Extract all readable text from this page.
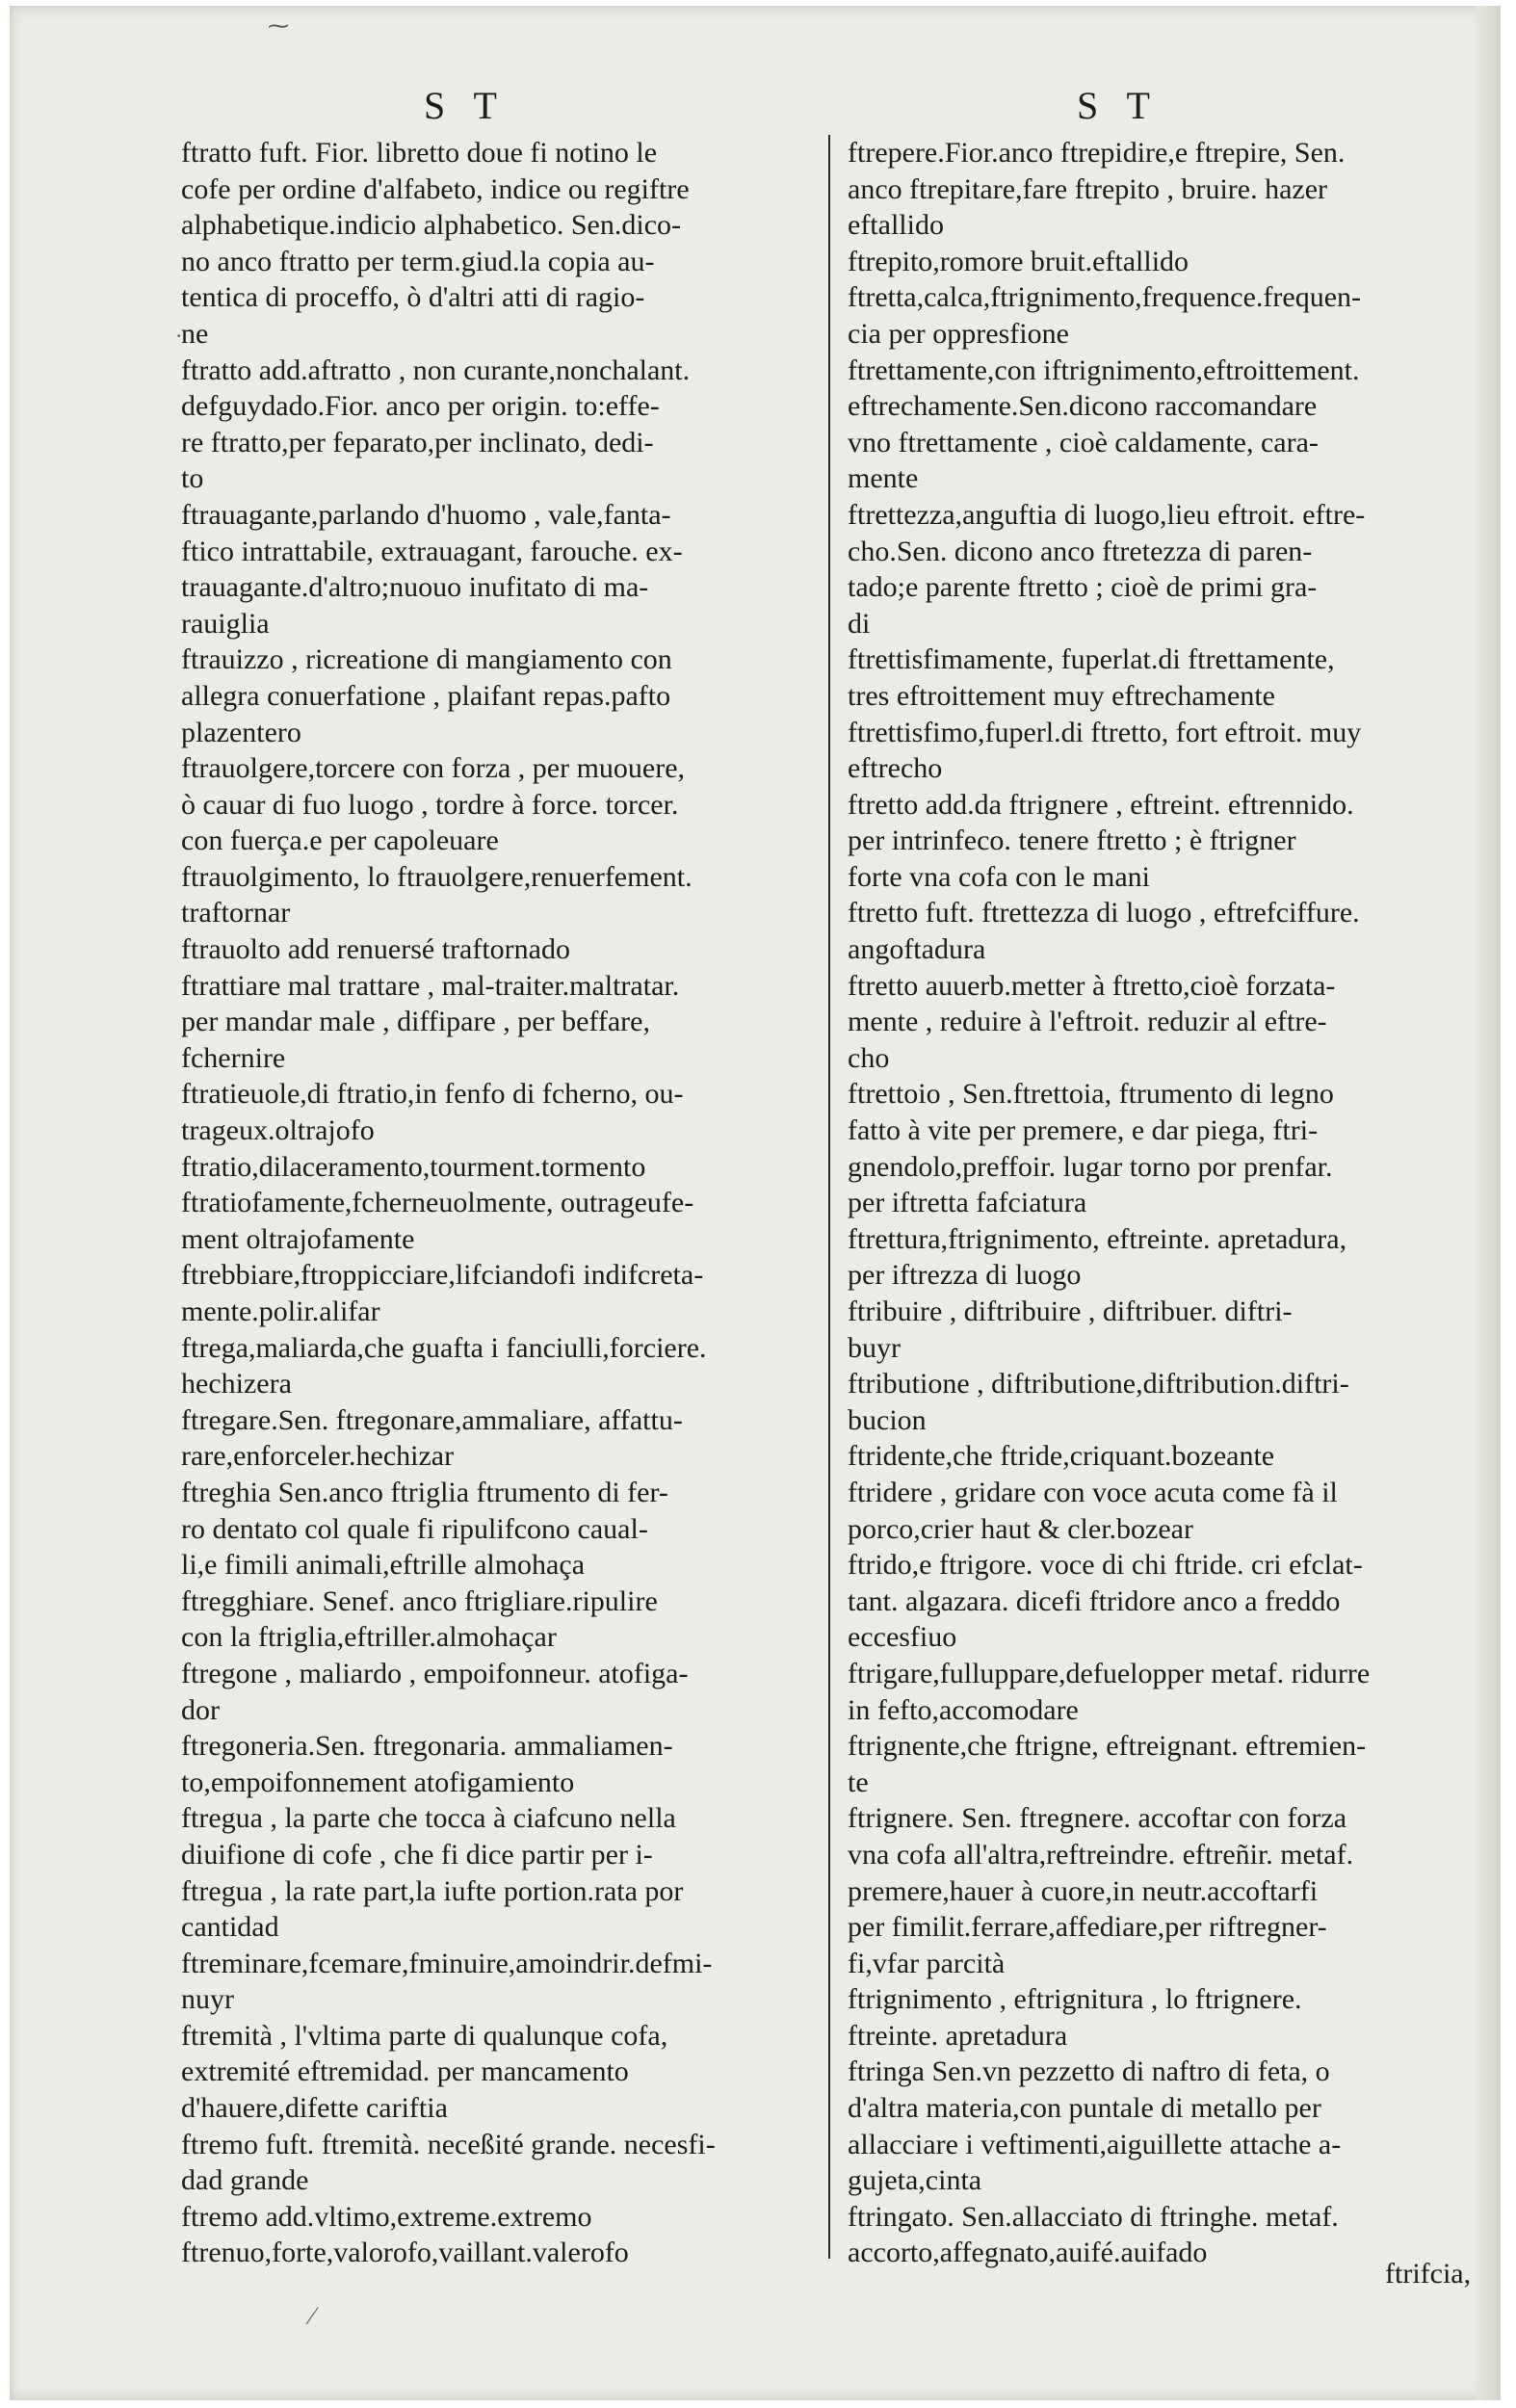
⁓
·
⁄
S T	S T
ftratto fuft. Fior. libretto doue fi notino le
cofe per ordine d'alfabeto, indice ou regiftre
alphabetique.indicio alphabetico. Sen.dico-
no anco ftratto per term.giud.la copia au-
tentica di proceffo, ò d'altri atti di ragio-
ne
ftratto add.aftratto , non curante,nonchalant.
defguydado.Fior. anco per origin. to:effe-
re ftratto,per feparato,per inclinato, dedi-
to
ftrauagante,parlando d'huomo , vale,fanta-
ftico intrattabile, extrauagant, farouche. ex-
trauagante.d'altro;nuouo inufitato di ma-
rauiglia
ftrauizzo , ricreatione di mangiamento con
allegra conuerfatione , plaifant repas.pafto
plazentero
ftrauolgere,torcere con forza , per muouere,
ò cauar di fuo luogo , tordre à force. torcer.
con fuerça.e per capoleuare
ftrauolgimento, lo ftrauolgere,renuerfement.
traftornar
ftrauolto add renuersé traftornado
ftrattiare mal trattare , mal-traiter.maltratar.
per mandar male , diffipare , per beffare,
fchernire
ftratieuole,di ftratio,in fenfo di fcherno, ou-
trageux.oltrajofo
ftratio,dilaceramento,tourment.tormento
ftratiofamente,fcherneuolmente, outrageufe-
ment oltrajofamente
ftrebbiare,ftroppicciare,lifciandofi indifcreta-
mente.polir.alifar
ftrega,maliarda,che guafta i fanciulli,forciere.
hechizera
ftregare.Sen. ftregonare,ammaliare, affattu-
rare,enforceler.hechizar
ftreghia Sen.anco ftriglia ftrumento di fer-
ro dentato col quale fi ripulifcono caual-
li,e fimili animali,eftrille almohaça
ftregghiare. Senef. anco ftrigliare.ripulire
con la ftriglia,eftriller.almohaçar
ftregone , maliardo , empoifonneur. atofiga-
dor
ftregoneria.Sen. ftregonaria. ammaliamen-
to,empoifonnement atofigamiento
ftregua , la parte che tocca à ciafcuno nella
diuifione di cofe , che fi dice partir per i-
ftregua , la rate part,la iufte portion.rata por
cantidad
ftreminare,fcemare,fminuire,amoindrir.defmi-
nuyr
ftremità , l'vltima parte di qualunque cofa,
extremité eftremidad. per mancamento
d'hauere,difette cariftia
ftremo fuft. ftremità. neceßité grande. necesfi-
dad grande
ftremo add.vltimo,extreme.extremo
ftrenuo,forte,valorofo,vaillant.valerofo
ftrepere.Fior.anco ftrepidire,e ftrepire, Sen.
anco ftrepitare,fare ftrepito , bruire. hazer
eftallido
ftrepito,romore bruit.eftallido
ftretta,calca,ftrignimento,frequence.frequen-
cia per oppresfione
ftrettamente,con iftrignimento,eftroittement.
eftrechamente.Sen.dicono raccomandare
vno ftrettamente , cioè caldamente, cara-
mente
ftrettezza,anguftia di luogo,lieu eftroit. eftre-
cho.Sen. dicono anco ftretezza di paren-
tado;e parente ftretto ; cioè de primi gra-
di
ftrettisfimamente, fuperlat.di ftrettamente,
tres eftroittement muy eftrechamente
ftrettisfimo,fuperl.di ftretto, fort eftroit. muy
eftrecho
ftretto add.da ftrignere , eftreint. eftrennido.
per intrinfeco. tenere ftretto ; è ftrigner
forte vna cofa con le mani
ftretto fuft. ftrettezza di luogo , eftrefciffure.
angoftadura
ftretto auuerb.metter à ftretto,cioè forzata-
mente , reduire à l'eftroit. reduzir al eftre-
cho
ftrettoio , Sen.ftrettoia, ftrumento di legno
fatto à vite per premere, e dar piega, ftri-
gnendolo,preffoir. lugar torno por prenfar.
per iftretta fafciatura
ftrettura,ftrignimento, eftreinte. apretadura,
per iftrezza di luogo
ftribuire , diftribuire , diftribuer. diftri-
buyr
ftributione , diftributione,diftribution.diftri-
bucion
ftridente,che ftride,criquant.bozeante
ftridere , gridare con voce acuta come fà il
porco,crier haut & cler.bozear
ftrido,e ftrigore. voce di chi ftride. cri efclat-
tant. algazara. dicefi ftridore anco a freddo
eccesfiuo
ftrigare,fulluppare,defuelopper metaf. ridurre
in fefto,accomodare
ftrignente,che ftrigne, eftreignant. eftremien-
te
ftrignere. Sen. ftregnere. accoftar con forza
vna cofa all'altra,reftreindre. eftreñir. metaf.
premere,hauer à cuore,in neutr.accoftarfi
per fimilit.ferrare,affediare,per riftregner-
fi,vfar parcità
ftrignimento , eftrignitura , lo ftrignere.
ftreinte. apretadura
ftringa Sen.vn pezzetto di naftro di feta, o
d'altra materia,con puntale di metallo per
allacciare i veftimenti,aiguillette attache a-
gujeta,cinta
ftringato. Sen.allacciato di ftringhe. metaf.
accorto,affegnato,auifé.auifado
ftrifcia,
